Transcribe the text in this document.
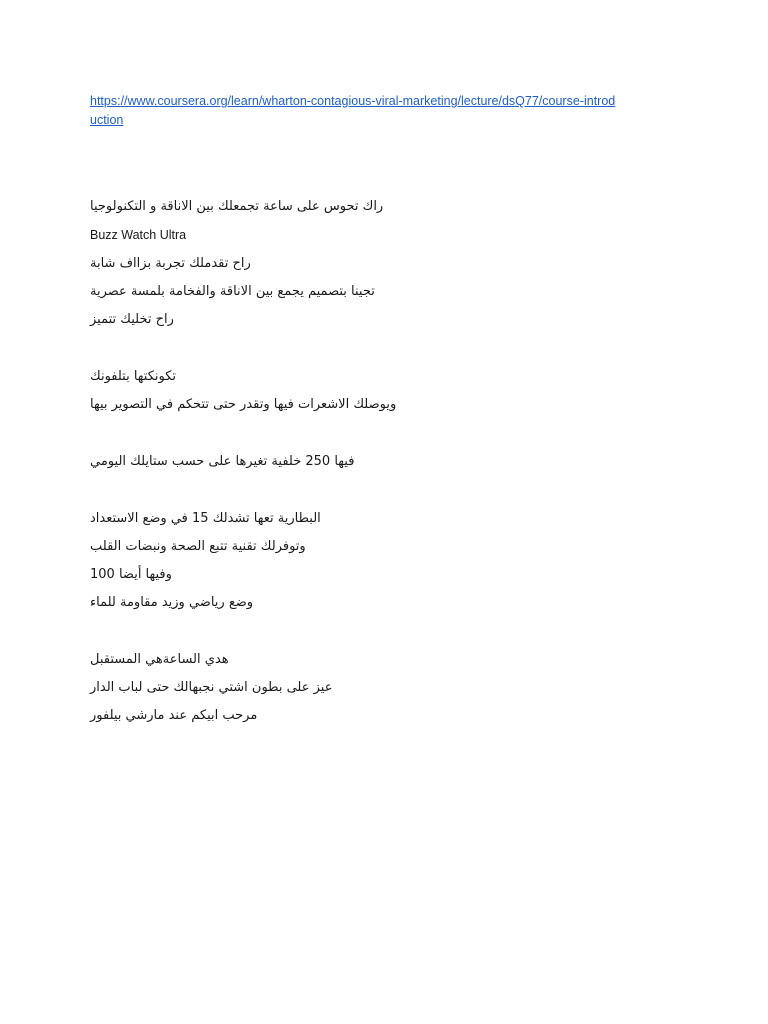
https://www.coursera.org/learn/wharton-contagious-viral-marketing/lecture/dsQ77/course-introduction
راك تحوس على ساعة تجمعلك بين الاناقة و التكنولوجيا
Buzz Watch Ultra
راح تقدملك تجربة بزااف شابة
تجينا بتصميم يجمع بين الاناقة والفخامة بلمسة عصرية
راح تخليك تتميز
تكونكتها بتلفونك
ويوصلك الاشعرات فيها وتقدر حتى تتحكم في التصوير بيها
فيها 250 خلفية تغيرها على حسب ستايلك اليومي
البطارية تعها تشدلك 15 في وضع الاستعداد
وتوفرلك تقنية تتبع الصحة ونبضات القلب
وفيها أيضا 100
وضع رياضي وزيد مقاومة للماء
هدي الساعةهي المستقبل
عيز على بطون اشتي نجبهالك حتى لباب الدار
مرحب ابيكم عند مارشي بيلفور
